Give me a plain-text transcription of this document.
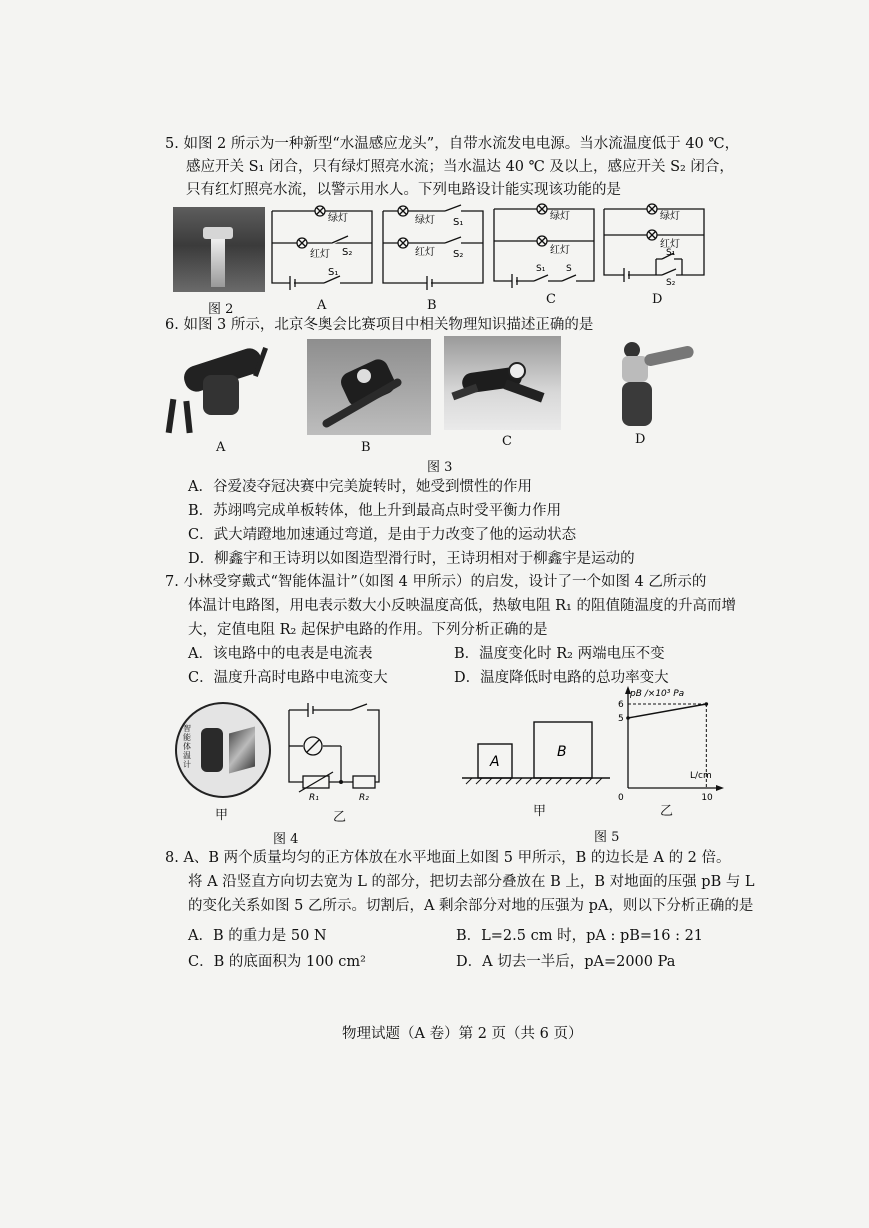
5. 如图 2 所示为一种新型“水温感应龙头”，自带水流发电电源。当水流温度低于 40 ℃，
感应开关 S₁ 闭合，只有绿灯照亮水流；当水温达 40 ℃ 及以上，感应开关 S₂ 闭合，
只有红灯照亮水流，以警示用水人。下列电路设计能实现该功能的是
图 2
绿灯
红灯 S₂
S₁
A
绿灯 S₁
红灯 S₂
B
绿灯
红灯
S₁ S
C
绿灯
红灯
S₁
S₂
D
6. 如图 3 所示，北京冬奥会比赛项目中相关物理知识描述正确的是
A	B	C	D
图 3
A．谷爱凌夺冠决赛中完美旋转时，她受到惯性的作用
B．苏翊鸣完成单板转体，他上升到最高点时受平衡力作用
C．武大靖蹬地加速通过弯道，是由于力改变了他的运动状态
D．柳鑫宇和王诗玥以如图造型滑行时，王诗玥相对于柳鑫宇是运动的
7. 小林受穿戴式“智能体温计”（如图 4 甲所示）的启发，设计了一个如图 4 乙所示的
体温计电路图，用电表示数大小反映温度高低，热敏电阻 R₁ 的阻值随温度的升高而增
大，定值电阻 R₂ 起保护电路的作用。下列分析正确的是
A．该电路中的电表是电流表	B．温度变化时 R₂ 两端电压不变
C．温度升高时电路中电流变大	D．温度降低时电路的总功率变大
智能体温计
甲
R₁	R₂
乙
图 4
A
B
甲
pB /×10³ Pa
L/cm
0
6
5
10
乙
图 5
8. A、B 两个质量均匀的正方体放在水平地面上如图 5 甲所示，B 的边长是 A 的 2 倍。
将 A 沿竖直方向切去宽为 L 的部分，把切去部分叠放在 B 上，B 对地面的压强 pB 与 L
的变化关系如图 5 乙所示。切割后，A 剩余部分对地的压强为 pA，则以下分析正确的是
A．B 的重力是 50 N	B．L=2.5 cm 时，pA : pB=16 : 21
C．B 的底面积为 100 cm²	D．A 切去一半后，pA=2000 Pa
物理试题（A 卷）第 2 页（共 6 页）
